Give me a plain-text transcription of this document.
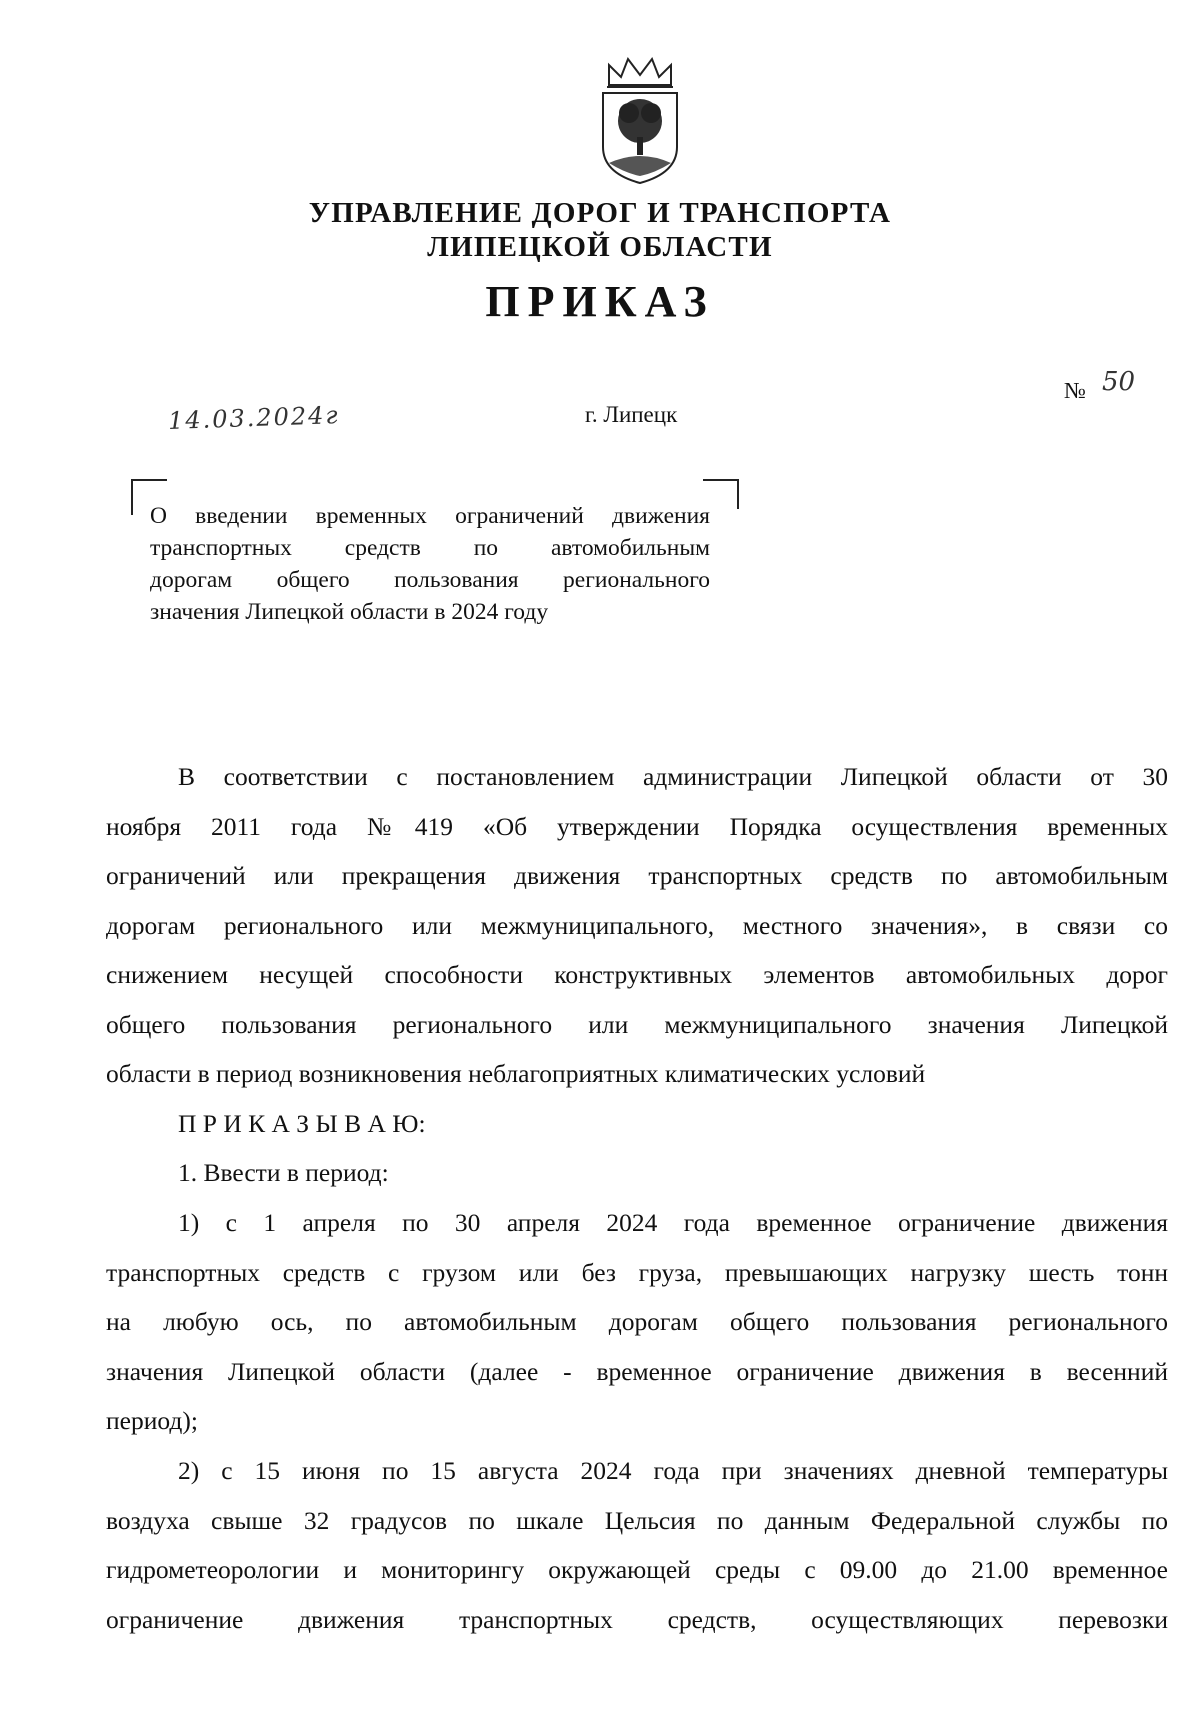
УПРАВЛЕНИЕ ДОРОГ И ТРАНСПОРТА
ЛИПЕЦКОЙ ОБЛАСТИ
ПРИКАЗ
14.03.2024г	г. Липецк
№ 50
О введении временных ограничений движения
транспортных средств по автомобильным
дорогам общего пользования регионального
значения Липецкой области в 2024 году
В соответствии с постановлением администрации Липецкой области от 30
ноября 2011 года №419 «Об утверждении Порядка осуществления временных
ограничений или прекращения движения транспортных средств по автомобильным
дорогам регионального или межмуниципального, местного значения», в связи со
снижением несущей способности конструктивных элементов автомобильных дорог
общего пользования регионального или межмуниципального значения Липецкой
области в период возникновения неблагоприятных климатических условий
П Р И К А З Ы В А Ю:
1. Ввести в период:
1) с 1 апреля по 30 апреля 2024 года временное ограничение движения
транспортных средств с грузом или без груза, превышающих нагрузку шесть тонн
на любую ось, по автомобильным дорогам общего пользования регионального
значения Липецкой области (далее - временное ограничение движения в весенний
период);
2) с 15 июня по 15 августа 2024 года при значениях дневной температуры
воздуха свыше 32 градусов по шкале Цельсия по данным Федеральной службы по
гидрометеорологии и мониторингу окружающей среды с 09.00 до 21.00 временное
ограничение движения транспортных средств, осуществляющих перевозки
